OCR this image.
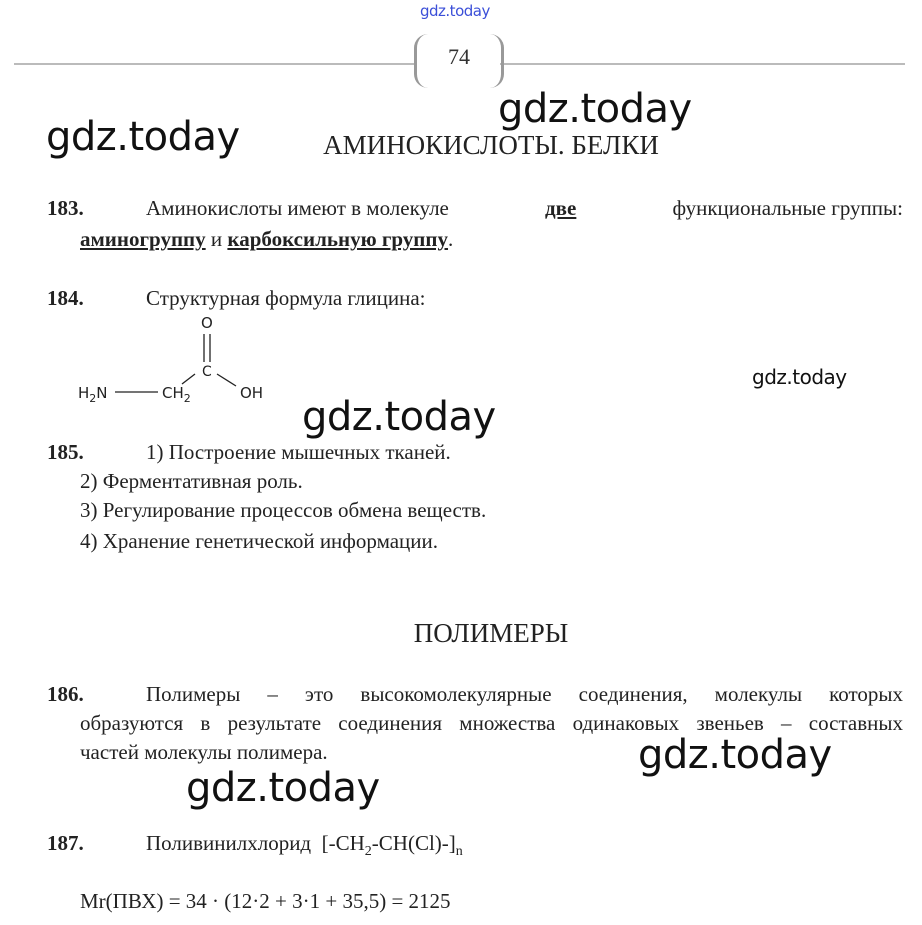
gdz.today
74
gdz.today
gdz.today
gdz.today
gdz.today
gdz.today
gdz.today
АМИНОКИСЛОТЫ. БЕЛКИ
183.	Аминокислоты имеют в молекуле	две	функциональные группы:
аминогруппу и карбоксильную группу.
184.	Структурная формула глицина:
O
C
OH
$CH_2$
$H_2N$
185.	1) Построение мышечных тканей.
2) Ферментативная роль.
3) Регулирование процессов обмена веществ.
4) Хранение генетической информации.
ПОЛИМЕРЫ
186.	Полимеры – это высокомолекулярные соединения, молекулы которых
образуются в результате соединения множества одинаковых звеньев – составных
частей молекулы полимера.
187.	Поливинилхлорид $[-CH_2-CH(Cl)-]_n$
Mr(ПВХ) = 34 · (12·2 + 3·1 + 35,5) = 2125
